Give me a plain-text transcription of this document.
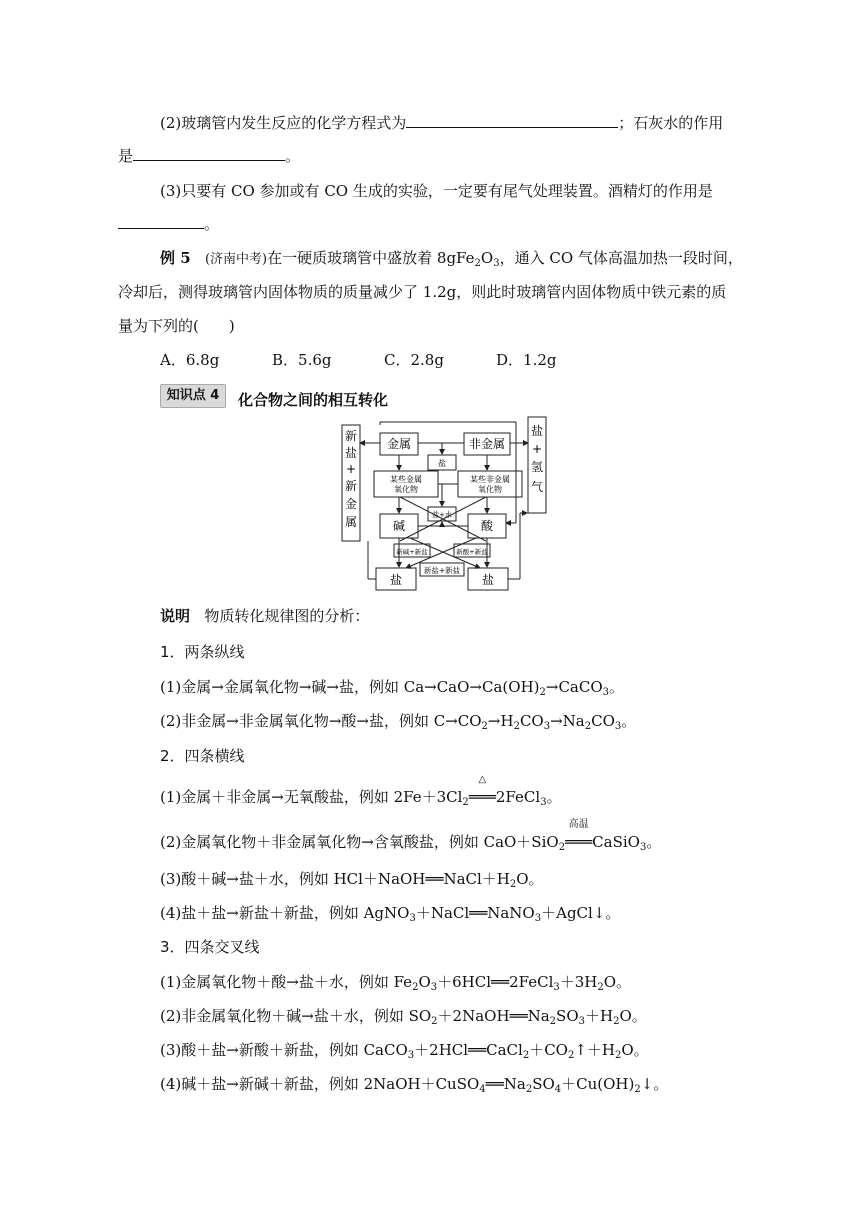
(2)玻璃管内发生反应的化学方程式为	；石灰水的作用
是	。
(3)只要有 CO 参加或有 CO 生成的实验，一定要有尾气处理装置。酒精灯的作用是
。
例 5 (济南中考)在一硬质玻璃管中盛放着 $8gFe_2O_3$，通入 CO 气体高温加热一段时间，
冷却后，测得玻璃管内固体物质的质量减少了 1.2g，则此时玻璃管内固体物质中铁元素的质
量为下列的(　　)
A．6.8g	B．5.6g	C．2.8g	D．1.2g
知识点 4	化合物之间的相互转化
金属	非金属
盐
某些金属
氧化物
某些非金属
氧化物
盐+水
碱	酸
新碱+新盐	新酸+新盐
新盐+新盐
盐	盐
新
盐
+
新
金
属
盐
+
氢
气
说明 物质转化规律图的分析：
1．两条纵线
(1)金属→金属氧化物→碱→盐，例如 $Ca\to CaO\to Ca(OH)_2\to CaCO_3$。
(2)非金属→非金属氧化物→酸→盐，例如 $C\to CO_2\to H_2CO_3\to Na_2CO_3$。
2．四条横线
(1)金属＋非金属→无氧酸盐，例如 $2Fe+3Cl_2$
△
═══2FeCl$_3$。
(2)金属氧化物＋非金属氧化物→含氧酸盐，例如 CaO＋SiO$_2$
高温
═══CaSiO$_3$。
(3)酸＋碱→盐＋水，例如 $HCl+NaOH══NaCl+H_2O$。
(4)盐＋盐→新盐＋新盐，例如 AgNO$_3$＋NaCl══NaNO$_3$＋AgCl↓。
3．四条交叉线
(1)金属氧化物＋酸→盐＋水，例如 $Fe_2O_3+6HCl══2FeCl_3+3H_2O$。
(2)非金属氧化物＋碱→盐＋水，例如 $SO_2+2NaOH══Na_2SO_3+H_2O$。
(3)酸＋盐→新酸＋新盐，例如 $CaCO_3+2HCl══CaCl_2+CO_2↑+H_2O$。
(4)碱＋盐→新碱＋新盐，例如 $2NaOH+CuSO_4══Na_2SO_4+Cu(OH)_2↓$。
